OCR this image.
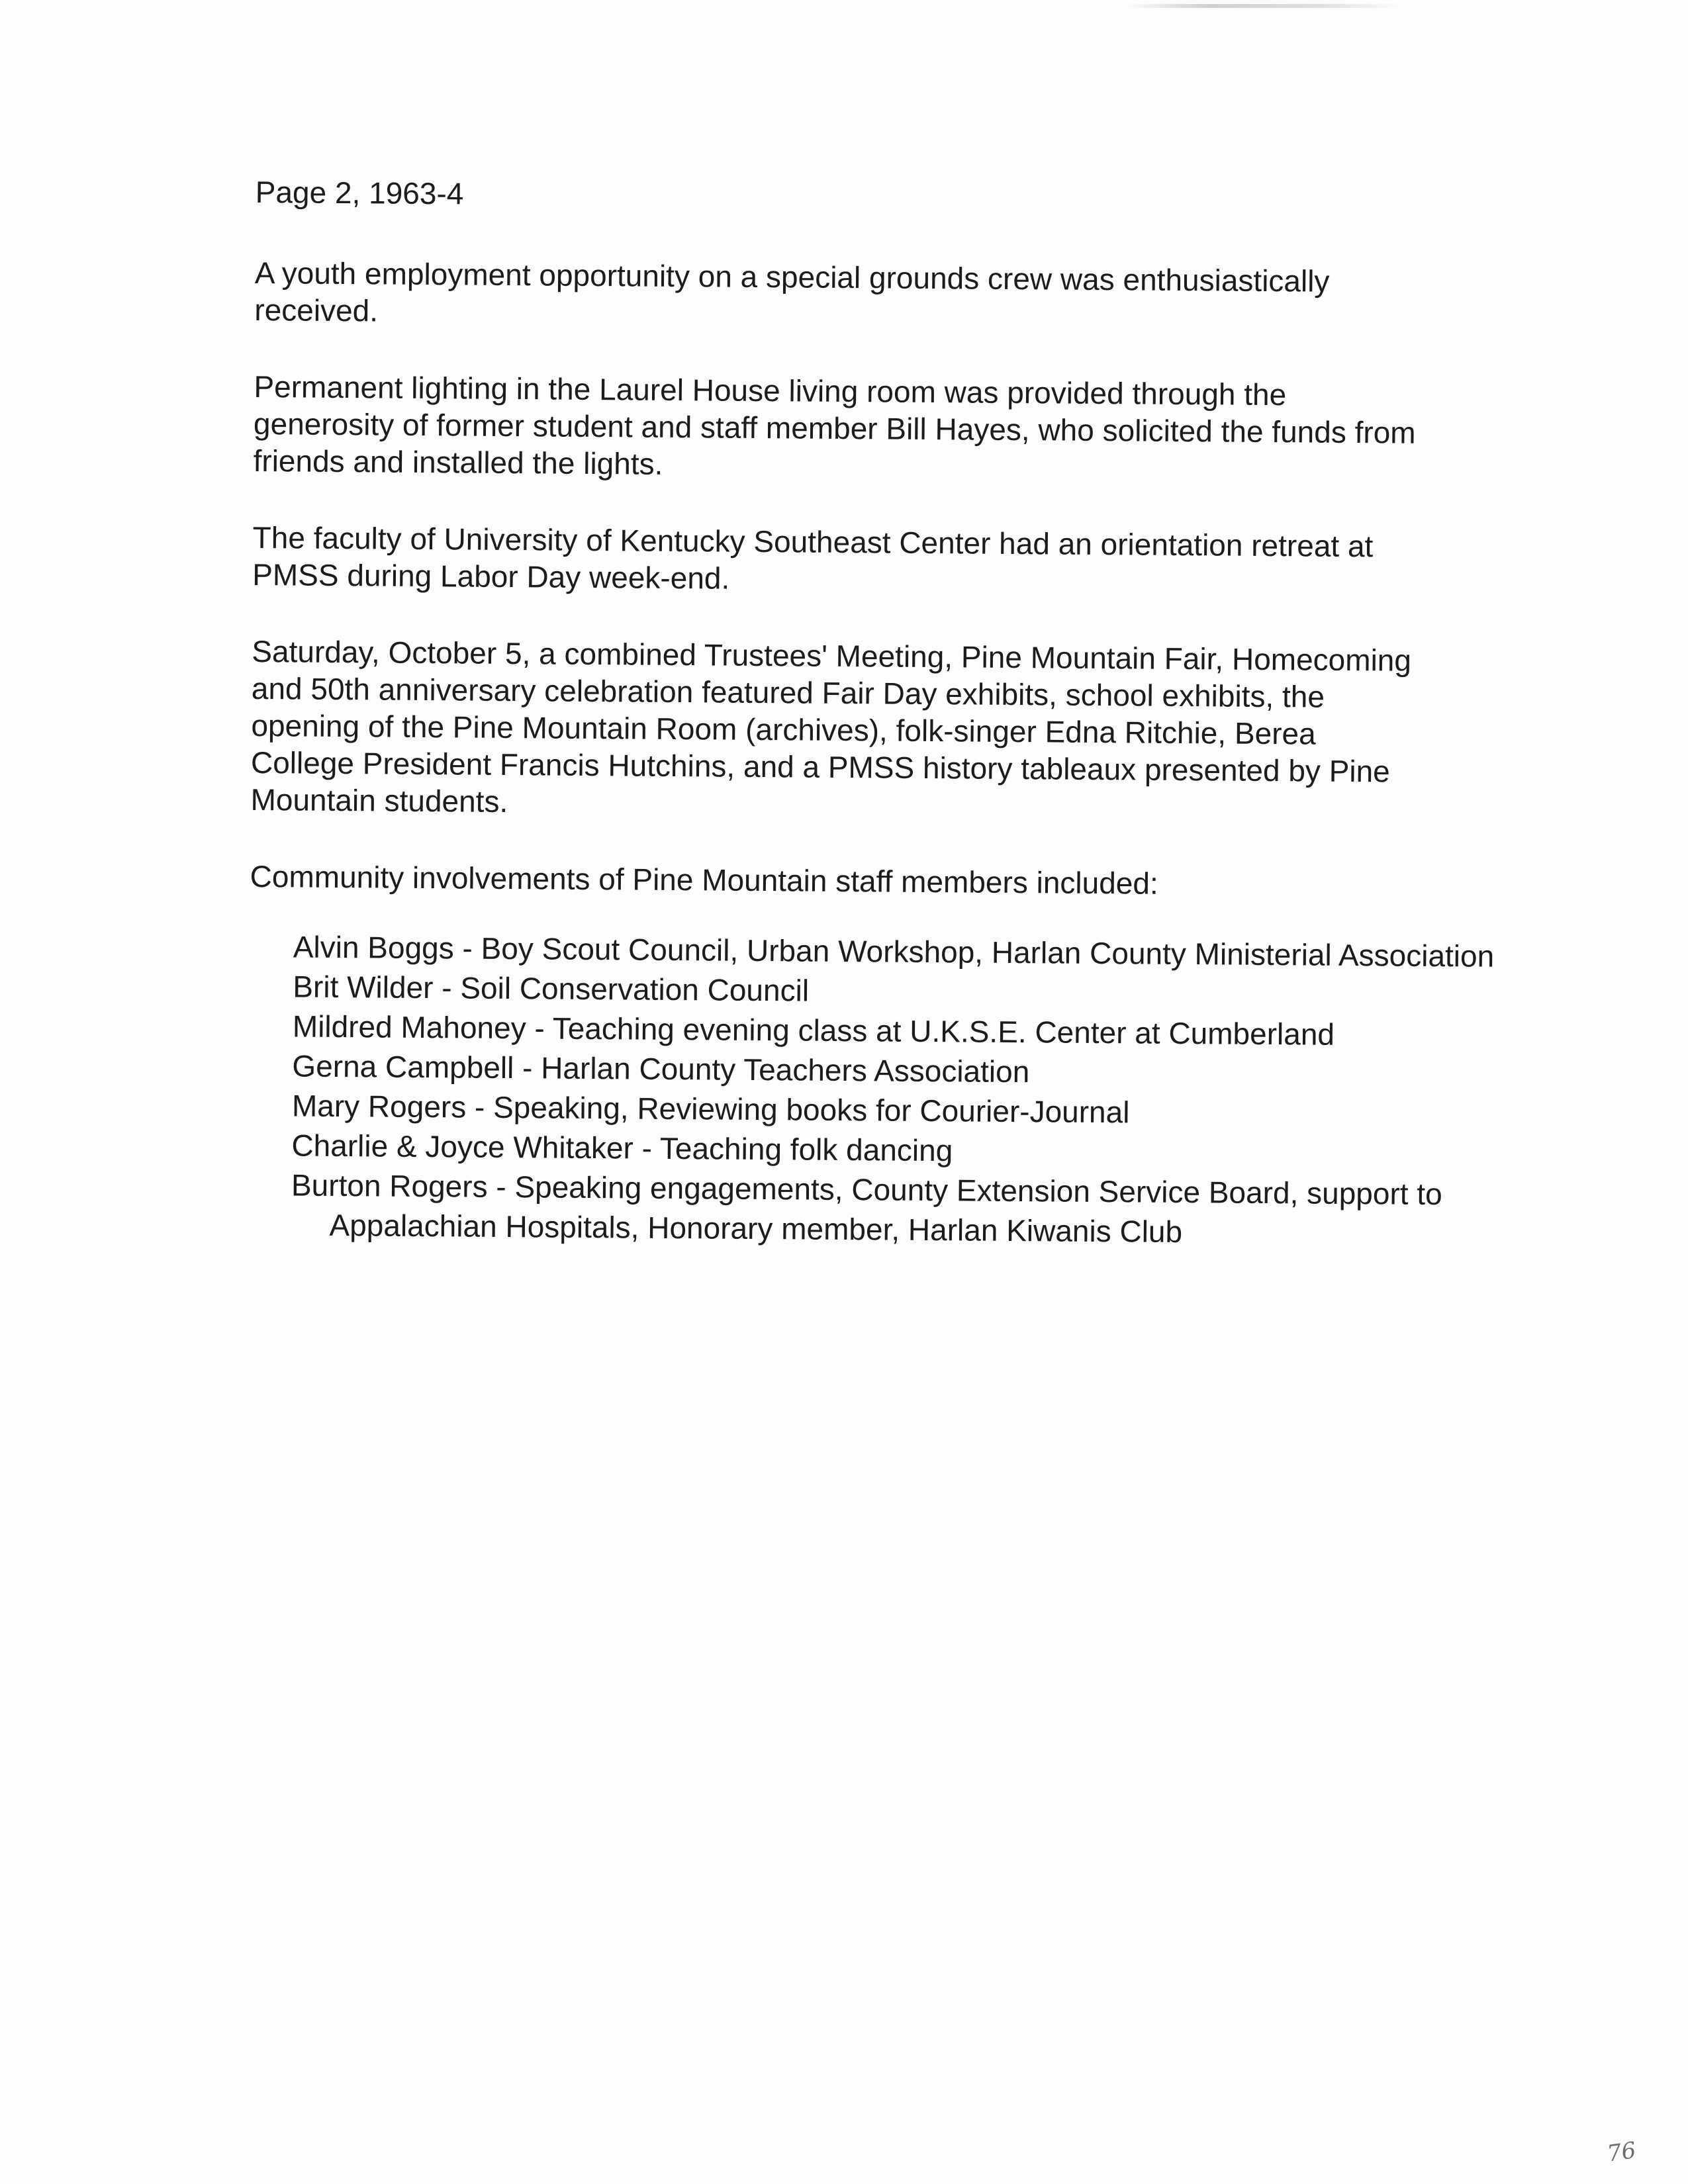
Page 2, 1963-4

A youth employment opportunity on a special grounds crew was enthusiastically
received.

Permanent lighting in the Laurel House living room was provided through the
generosity of former student and staff member Bill Hayes, who solicited the funds from
friends and installed the lights.

The faculty of University of Kentucky Southeast Center had an orientation retreat at
PMSS during Labor Day week-end.

Saturday, October 5, a combined Trustees' Meeting, Pine Mountain Fair, Homecoming
and 50th anniversary celebration featured Fair Day exhibits, school exhibits, the
opening of the Pine Mountain Room (archives), folk-singer Edna Ritchie, Berea
College President Francis Hutchins, and a PMSS history tableaux presented by Pine
Mountain students.

Community involvements of Pine Mountain staff members included:

Alvin Boggs - Boy Scout Council, Urban Workshop, Harlan County Ministerial Association
Brit Wilder - Soil Conservation Council
Mildred Mahoney - Teaching evening class at U.K.S.E. Center at Cumberland
Gerna Campbell - Harlan County Teachers Association
Mary Rogers - Speaking, Reviewing books for Courier-Journal
Charlie & Joyce Whitaker - Teaching folk dancing
Burton Rogers - Speaking engagements, County Extension Service Board, support to Appalachian Hospitals, Honorary member, Harlan Kiwanis Club
76
